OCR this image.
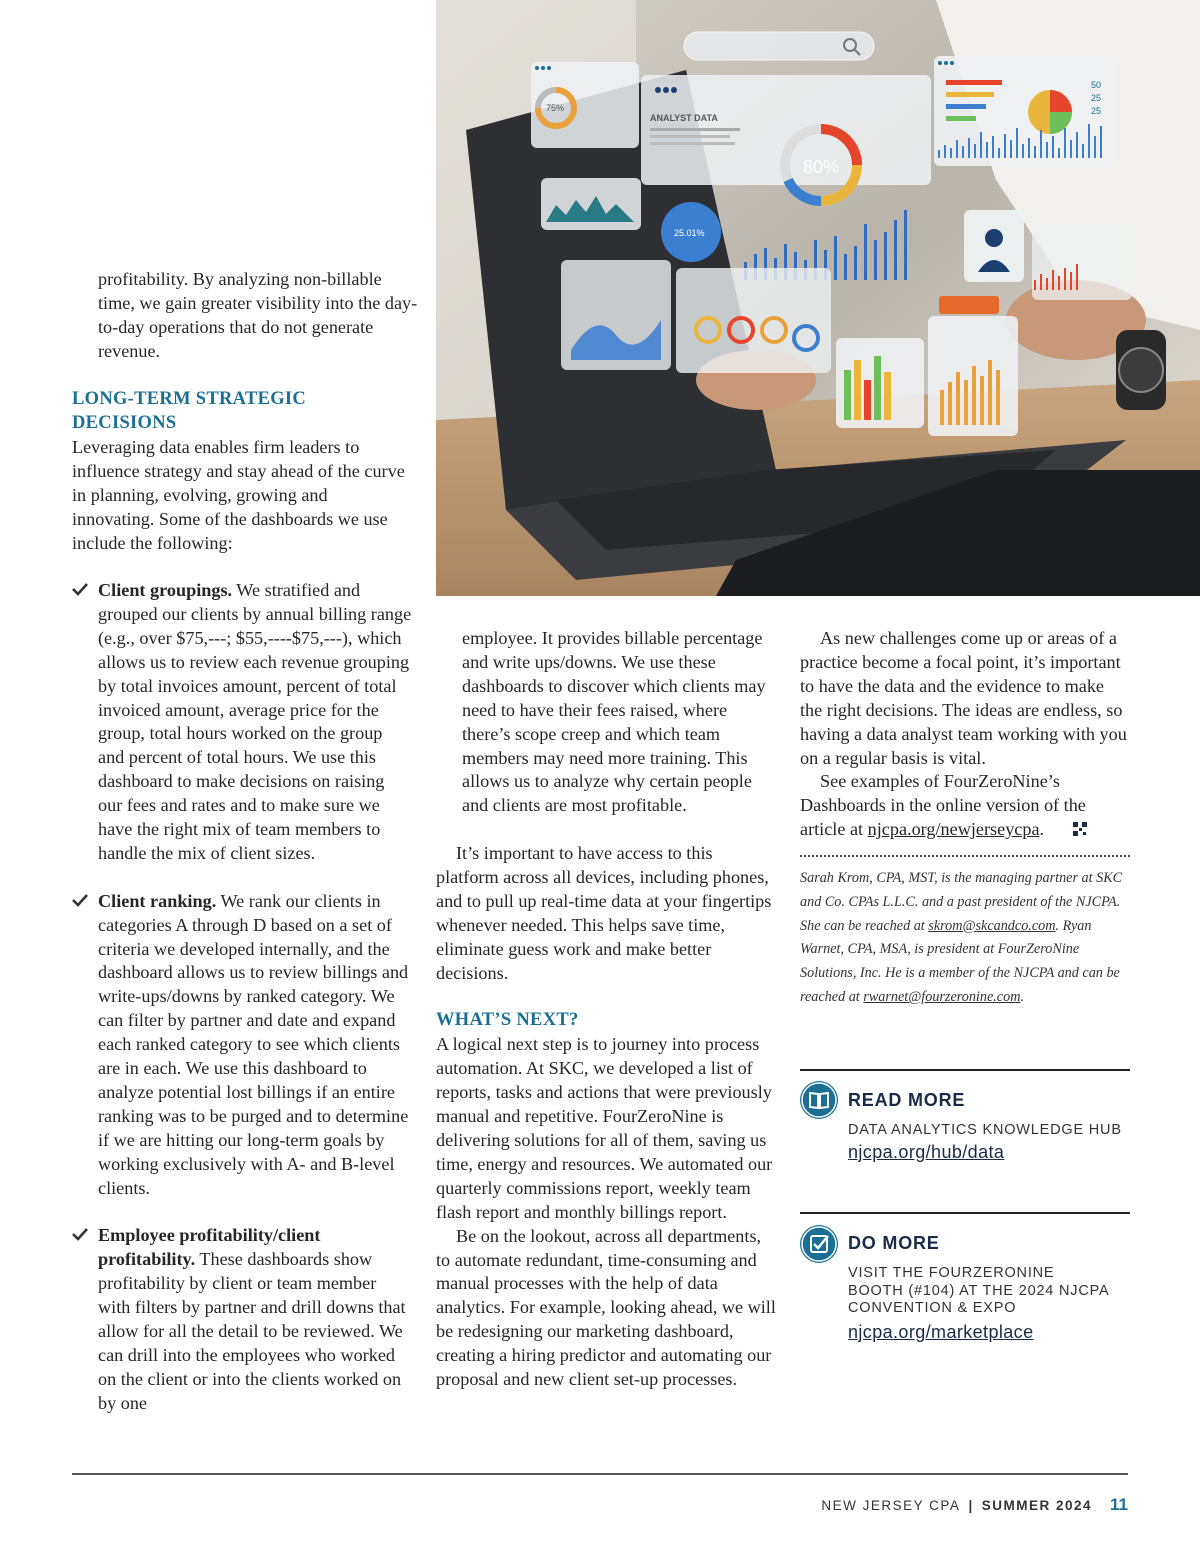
75%
ANALYST DATA
80%
50
25
25
25.01%

profitability. By analyzing non-billable time, we gain greater visibility into the day-to-day operations that do not generate revenue.

LONG-TERM STRATEGIC

DECISIONS

Leveraging data enables firm leaders to influence strategy and stay ahead of the curve in planning, evolving, growing and innovating. Some of the dashboards we use include the following:

Client groupings. We stratified and grouped our clients by annual billing range (e.g., over $75,---; $55,----$75,---), which allows us to review each revenue grouping by total invoices amount, percent of total invoiced amount, average price for the group, total hours worked on the group and percent of total hours. We use this dashboard to make decisions on raising our fees and rates and to make sure we have the right mix of team members to handle the mix of client sizes.

Client ranking. We rank our clients in categories A through D based on a set of criteria we developed internally, and the dashboard allows us to review billings and write-ups/downs by ranked category. We can filter by partner and date and expand each ranked category to see which clients are in each. We use this dashboard to analyze potential lost billings if an entire ranking was to be purged and to determine if we are hitting our long-term goals by working exclusively with A- and B-level clients.

Employee profitability/client profitability. These dashboards show profitability by client or team member with filters by partner and drill downs that allow for all the detail to be reviewed. We can drill into the employees who worked on the client or into the clients worked on by one

employee. It provides billable percentage and write ups/downs. We use these dashboards to discover which clients may need to have their fees raised, where there’s scope creep and which team members may need more training. This allows us to analyze why certain people and clients are most profitable.

It’s important to have access to this platform across all devices, including phones, and to pull up real-time data at your fingertips whenever needed. This helps save time, eliminate guess work and make better decisions.

WHAT’S NEXT?

A logical next step is to journey into process automation. At SKC, we developed a list of reports, tasks and actions that were previously manual and repetitive. FourZeroNine is delivering solutions for all of them, saving us time, energy and resources. We automated our quarterly commissions report, weekly team flash report and monthly billings report.

Be on the lookout, across all departments, to automate redundant, time-consuming and manual processes with the help of data analytics. For example, looking ahead, we will be redesigning our marketing dashboard, creating a hiring predictor and automating our proposal and new client set-up processes.

As new challenges come up or areas of a practice become a focal point, it’s important to have the data and the evidence to make the right decisions. The ideas are endless, so having a data analyst team working with you on a regular basis is vital.

See examples of FourZeroNine’s Dashboards in the online version of the article at njcpa.org/newjerseycpa.

Sarah Krom, CPA, MST, is the managing partner at SKC and Co. CPAs L.L.C. and a past president of the NJCPA. She can be reached at skrom@skcandco.com. Ryan Warnet, CPA, MSA, is president at FourZeroNine Solutions, Inc. He is a member of the NJCPA and can be reached at rwarnet@fourzeronine.com.

READ MORE
DATA ANALYTICS KNOWLEDGE HUB
njcpa.org/hub/data
DO MORE
VISIT THE FOURZERONINE
BOOTH (#104) AT THE 2024 NJCPA
CONVENTION & EXPO
njcpa.org/marketplace
NEW JERSEY CPA | SUMMER 2024 11
